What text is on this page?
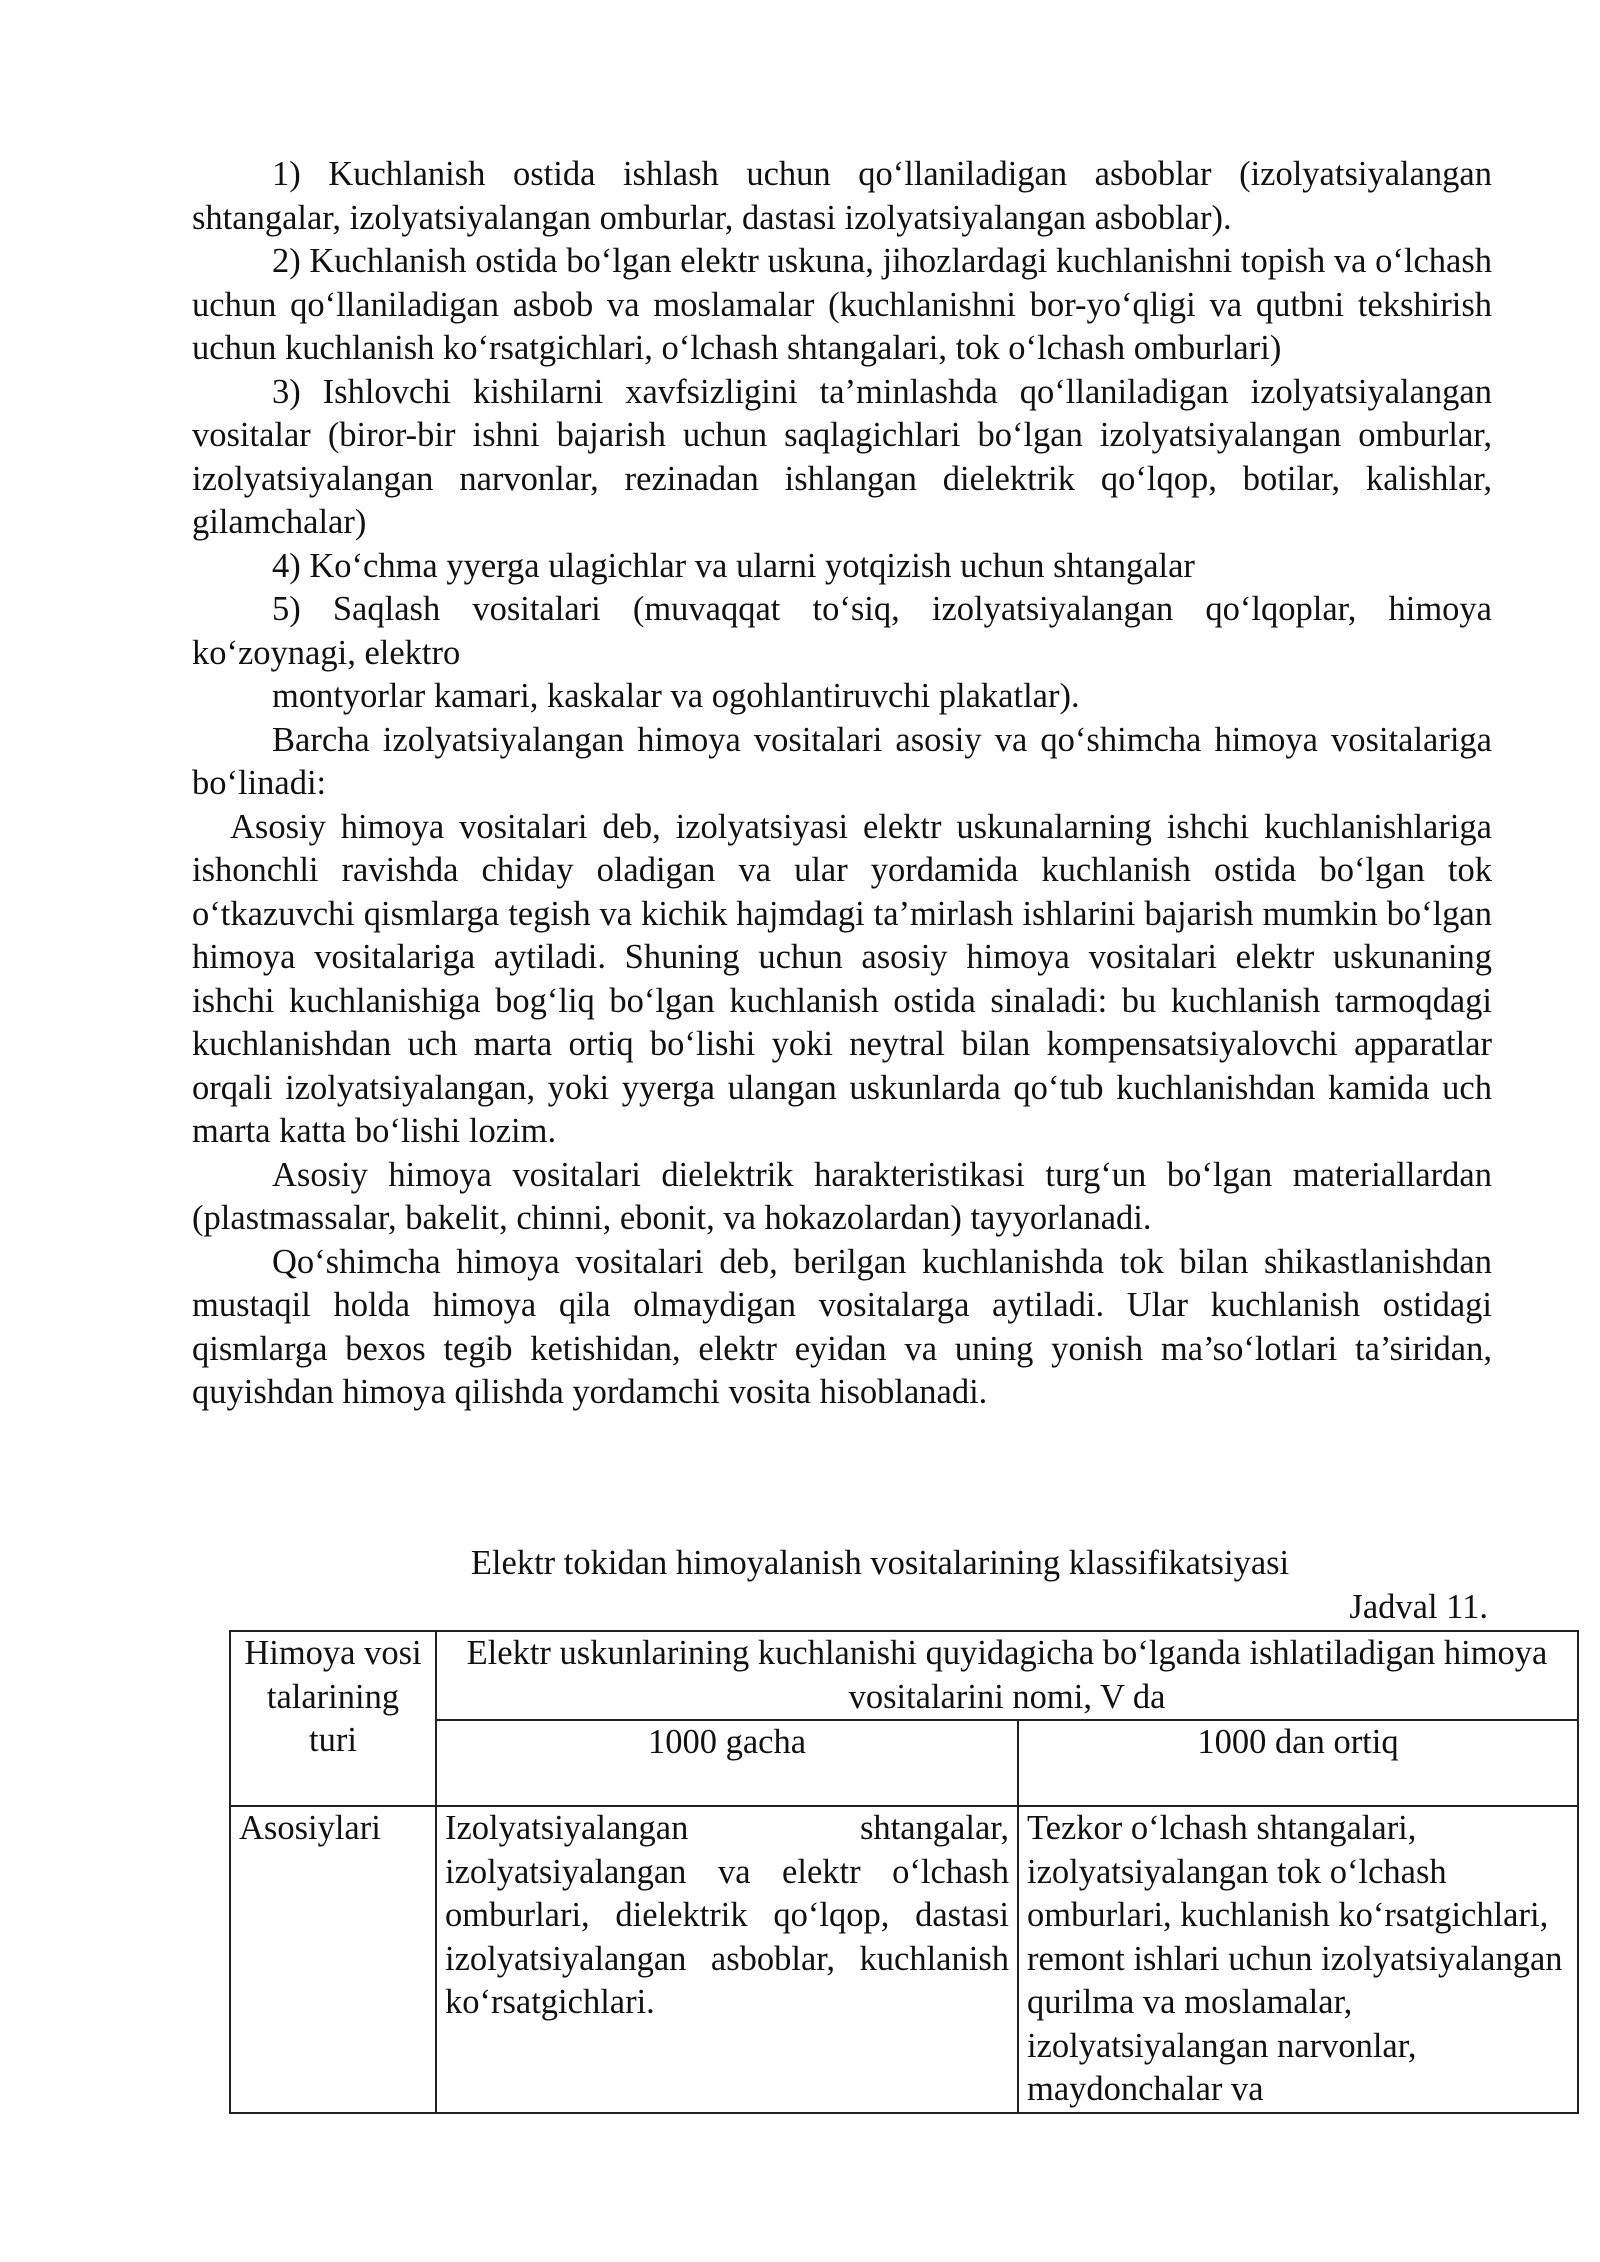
1) Kuchlanish ostida ishlash uchun qo‘llaniladigan asboblar (izolyatsiyalangan shtangalar, izolyatsiyalangan omburlar, dastasi izolyatsiyalangan asboblar).

2) Kuchlanish ostida bo‘lgan elektr uskuna, jihozlardagi kuchlanishni topish va o‘lchash uchun qo‘llaniladigan asbob va moslamalar (kuchlanishni bor-yo‘qligi va qutbni tekshirish uchun kuchlanish ko‘rsatgichlari, o‘lchash shtangalari, tok o‘lchash omburlari)

3) Ishlovchi kishilarni xavfsizligini ta’minlashda qo‘llaniladigan izolyatsiyalangan vositalar (biror-bir ishni bajarish uchun saqlagichlari bo‘lgan izolyatsiyalangan omburlar, izolyatsiyalangan narvonlar, rezinadan ishlangan dielektrik qo‘lqop, botilar, kalishlar, gilamchalar)

4) Ko‘chma yyerga ulagichlar va ularni yotqizish uchun shtangalar

5) Saqlash vositalari (muvaqqat to‘siq, izolyatsiyalangan qo‘lqoplar, himoya ko‘zoynagi, elektro

montyorlar kamari, kaskalar va ogohlantiruvchi plakatlar).

Barcha izolyatsiyalangan himoya vositalari asosiy va qo‘shimcha himoya vositalariga bo‘linadi:

Asosiy himoya vositalari deb, izolyatsiyasi elektr uskunalarning ishchi kuchlanishlariga ishonchli ravishda chiday oladigan va ular yordamida kuchlanish ostida bo‘lgan tok o‘tkazuvchi qismlarga tegish va kichik hajmdagi ta’mirlash ishlarini bajarish mumkin bo‘lgan himoya vositalariga aytiladi. Shuning uchun asosiy himoya vositalari elektr uskunaning ishchi kuchlanishiga bog‘liq bo‘lgan kuchlanish ostida sinaladi: bu kuchlanish tarmoqdagi kuchlanishdan uch marta ortiq bo‘lishi yoki neytral bilan kompensatsiyalovchi apparatlar orqali izolyatsiyalangan, yoki yyerga ulangan uskunlarda qo‘tub kuchlanishdan kamida uch marta katta bo‘lishi lozim.

Asosiy himoya vositalari dielektrik harakteristikasi turg‘un bo‘lgan materiallardan (plastmassalar, bakelit, chinni, ebonit, va hokazolardan) tayyorlanadi.

Qo‘shimcha himoya vositalari deb, berilgan kuchlanishda tok bilan shikastlanishdan mustaqil holda himoya qila olmaydigan vositalarga aytiladi. Ular kuchlanish ostidagi qismlarga bexos tegib ketishidan, elektr eyidan va uning yonish ma’so‘lotlari ta’siridan, quyishdan himoya qilishda yordamchi vosita hisoblanadi.

Elektr tokidan himoyalanish vositalarining klassifikatsiyasi
Jadval 11.
Himoya vosi talarining turi	Elektr uskunlarining kuchlanishi quyidagicha bo‘lganda ishlatiladigan himoya vositalarini nomi, V da	
	1000 gacha	1000 dan ortiq
Asosiylari	Izolyatsiyalangan shtangalar, izolyatsiyalangan va elektr o‘lchash omburlari, dielektrik qo‘lqop, dastasi izolyatsiyalangan asboblar, kuchlanish ko‘rsatgichlari.	Tezkor o‘lchash shtangalari, izolyatsiyalangan tok o‘lchash omburlari, kuchlanish ko‘rsatgichlari, remont ishlari uchun izolyatsiyalangan qurilma va moslamalar, izolyatsiyalangan narvonlar, maydonchalar va
